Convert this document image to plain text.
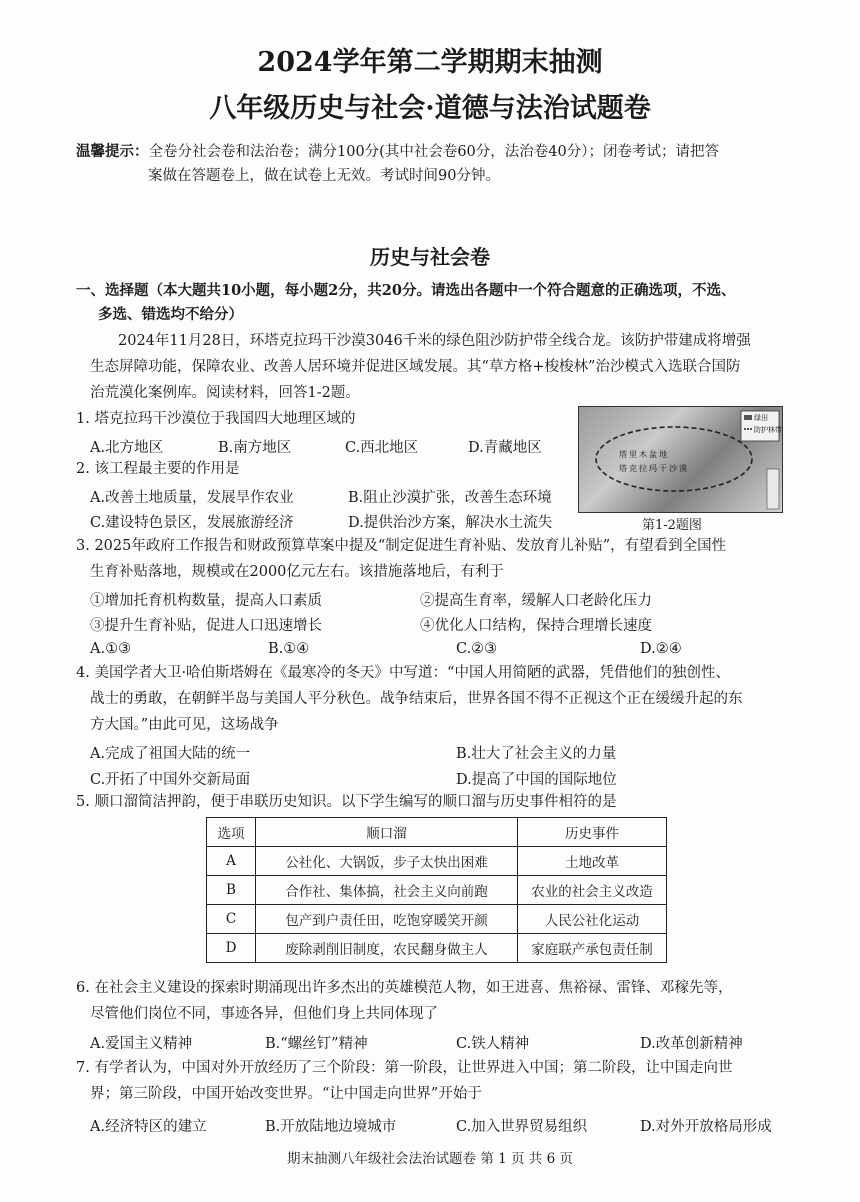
2024学年第二学期期末抽测
八年级历史与社会·道德与法治试题卷
温馨提示：全卷分社会卷和法治卷；满分100分(其中社会卷60分，法治卷40分）；闭卷考试；请把答
案做在答题卷上，做在试卷上无效。考试时间90分钟。
历史与社会卷
一、选择题（本大题共10小题，每小题2分，共20分。请选出各题中一个符合题意的正确选项，不选、
多选、错选均不给分）
2024年11月28日，环塔克拉玛干沙漠3046千米的绿色阻沙防护带全线合龙。该防护带建成将增强
生态屏障功能，保障农业、改善人居环境并促进区域发展。其“草方格+梭梭林”治沙模式入选联合国防
治荒漠化案例库。阅读材料，回答1-2题。
绿田
防护林带
塔 里 木 盆 地
塔 克 拉 玛 干 沙 漠
第1-2题图
1. 塔克拉玛干沙漠位于我国四大地理区域的
A.北方地区	B.南方地区	C.西北地区	D.青藏地区
2. 该工程最主要的作用是
A.改善土地质量，发展旱作农业	B.阻止沙漠扩张，改善生态环境
C.建设特色景区，发展旅游经济	D.提供治沙方案，解决水土流失
3. 2025年政府工作报告和财政预算草案中提及“制定促进生育补贴、发放育儿补贴”，有望看到全国性
生育补贴落地，规模或在2000亿元左右。该措施落地后，有利于
①增加托育机构数量，提高人口素质	②提高生育率，缓解人口老龄化压力
③提升生育补贴，促进人口迅速增长	④优化人口结构，保持合理增长速度
A.①③	B.①④	C.②③	D.②④
4. 美国学者大卫·哈伯斯塔姆在《最寒冷的冬天》中写道：“中国人用简陋的武器，凭借他们的独创性、
战士的勇敢，在朝鲜半岛与美国人平分秋色。战争结束后，世界各国不得不正视这个正在缓缓升起的东
方大国。”由此可见，这场战争
A.完成了祖国大陆的统一	B.壮大了社会主义的力量
C.开拓了中国外交新局面	D.提高了中国的国际地位
5. 顺口溜简洁押韵，便于串联历史知识。以下学生编写的顺口溜与历史事件相符的是
选项	顺口溜	历史事件
A	公社化、大锅饭，步子太快出困难	土地改革
B	合作社、集体搞，社会主义向前跑	农业的社会主义改造
C	包产到户责任田，吃饱穿暖笑开颜	人民公社化运动
D	废除剥削旧制度，农民翻身做主人	家庭联产承包责任制
6. 在社会主义建设的探索时期涌现出许多杰出的英雄模范人物，如王进喜、焦裕禄、雷锋、邓稼先等，
尽管他们岗位不同，事迹各异，但他们身上共同体现了
A.爱国主义精神	B.“螺丝钉”精神	C.铁人精神	D.改革创新精神
7. 有学者认为，中国对外开放经历了三个阶段：第一阶段，让世界进入中国；第二阶段，让中国走向世
界；第三阶段，中国开始改变世界。“让中国走向世界”开始于
A.经济特区的建立	B.开放陆地边境城市	C.加入世界贸易组织	D.对外开放格局形成
期末抽测八年级社会法治试题卷 第 1 页 共 6 页
